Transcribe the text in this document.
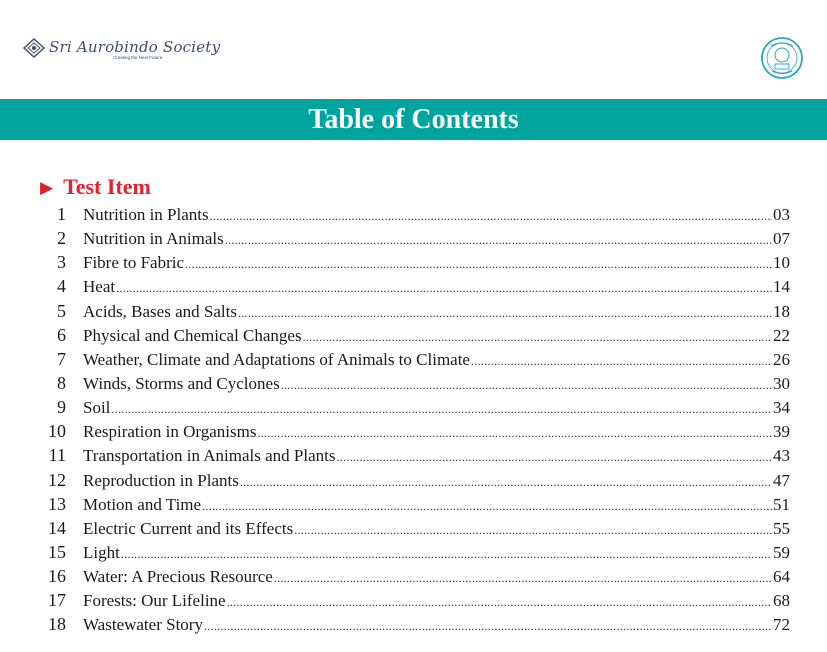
Sri Aurobindo Society
Creating the Next Future
Table of Contents
▶ Test Item
1 Nutrition in Plants .....	03
2 Nutrition in Animals .....	07
3 Fibre to Fabric .....	10
4 Heat .....	14
5 Acids, Bases and Salts .....	18
6 Physical and Chemical Changes .....	22
7 Weather, Climate and Adaptations of Animals to Climate .....	26
8 Winds, Storms and Cyclones .....	30
9 Soil .....	34
10 Respiration in Organisms .....	39
11 Transportation in Animals and Plants .....	43
12 Reproduction in Plants .....	47
13 Motion and Time .....	51
14 Electric Current and its Effects .....	55
15 Light .....	59
16 Water: A Precious Resource .....	64
17 Forests: Our Lifeline .....	68
18 Wastewater Story .....	72
